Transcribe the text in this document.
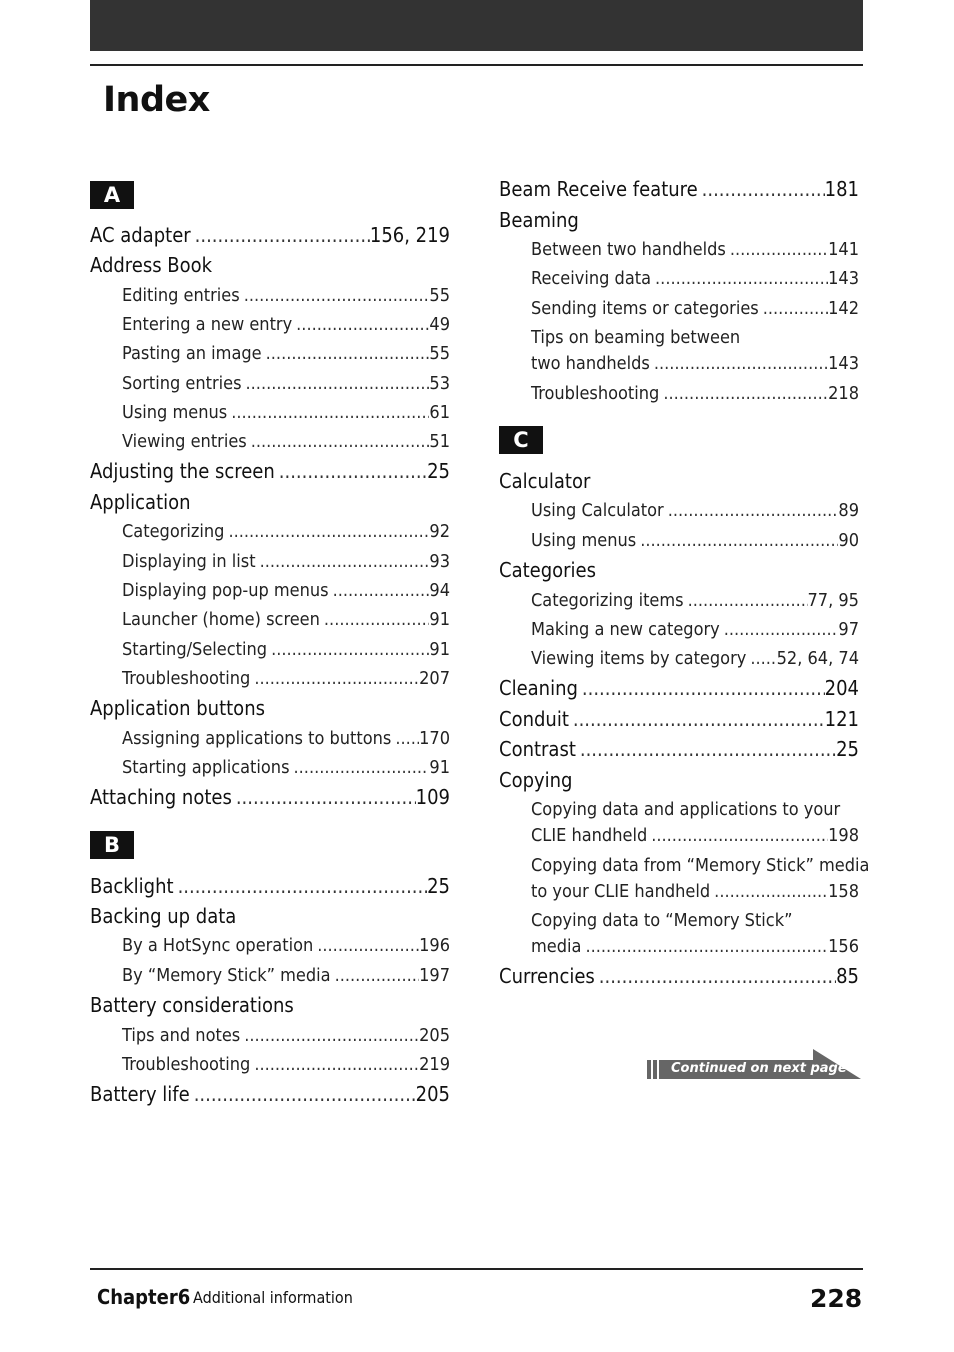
Index
A
AC adapter .....	156, 219
Address Book
Editing entries .....	55
Entering a new entry .....	49
Pasting an image .....	55
Sorting entries .....	53
Using menus .....	61
Viewing entries .....	51
Adjusting the screen .....	25
Application
Categorizing .....	92
Displaying in list .....	93
Displaying pop-up menus .....	94
Launcher (home) screen .....	91
Starting/Selecting .....	91
Troubleshooting .....	207
Application buttons
Assigning applications to buttons ..... 170
Starting applications .....	91
Attaching notes .....	109
B
Backlight .....	25
Backing up data
By a HotSync operation .....	196
By “Memory Stick” media .....	197
Battery considerations
Tips and notes .....	205
Troubleshooting .....	219
Battery life .....	205
Beam Receive feature .....	181
Beaming
Between two handhelds .....	141
Receiving data .....	143
Sending items or categories .....	142
Tips on beaming between
two handhelds .....	143
Troubleshooting .....	218
C
Calculator
Using Calculator .....	89
Using menus .....	90
Categories
Categorizing items .....	77, 95
Making a new category .....	97
Viewing items by category ..... 52, 64, 74
Cleaning .....	204
Conduit .....	121
Contrast .....	25
Copying
Copying data and applications to your
CLIE handheld .....	198
Copying data from “Memory Stick” media
to your CLIE handheld .....	158
Copying data to “Memory Stick”
media .....	156
Currencies .....	85
Continued on next page
Chapter6 Additional information	228
